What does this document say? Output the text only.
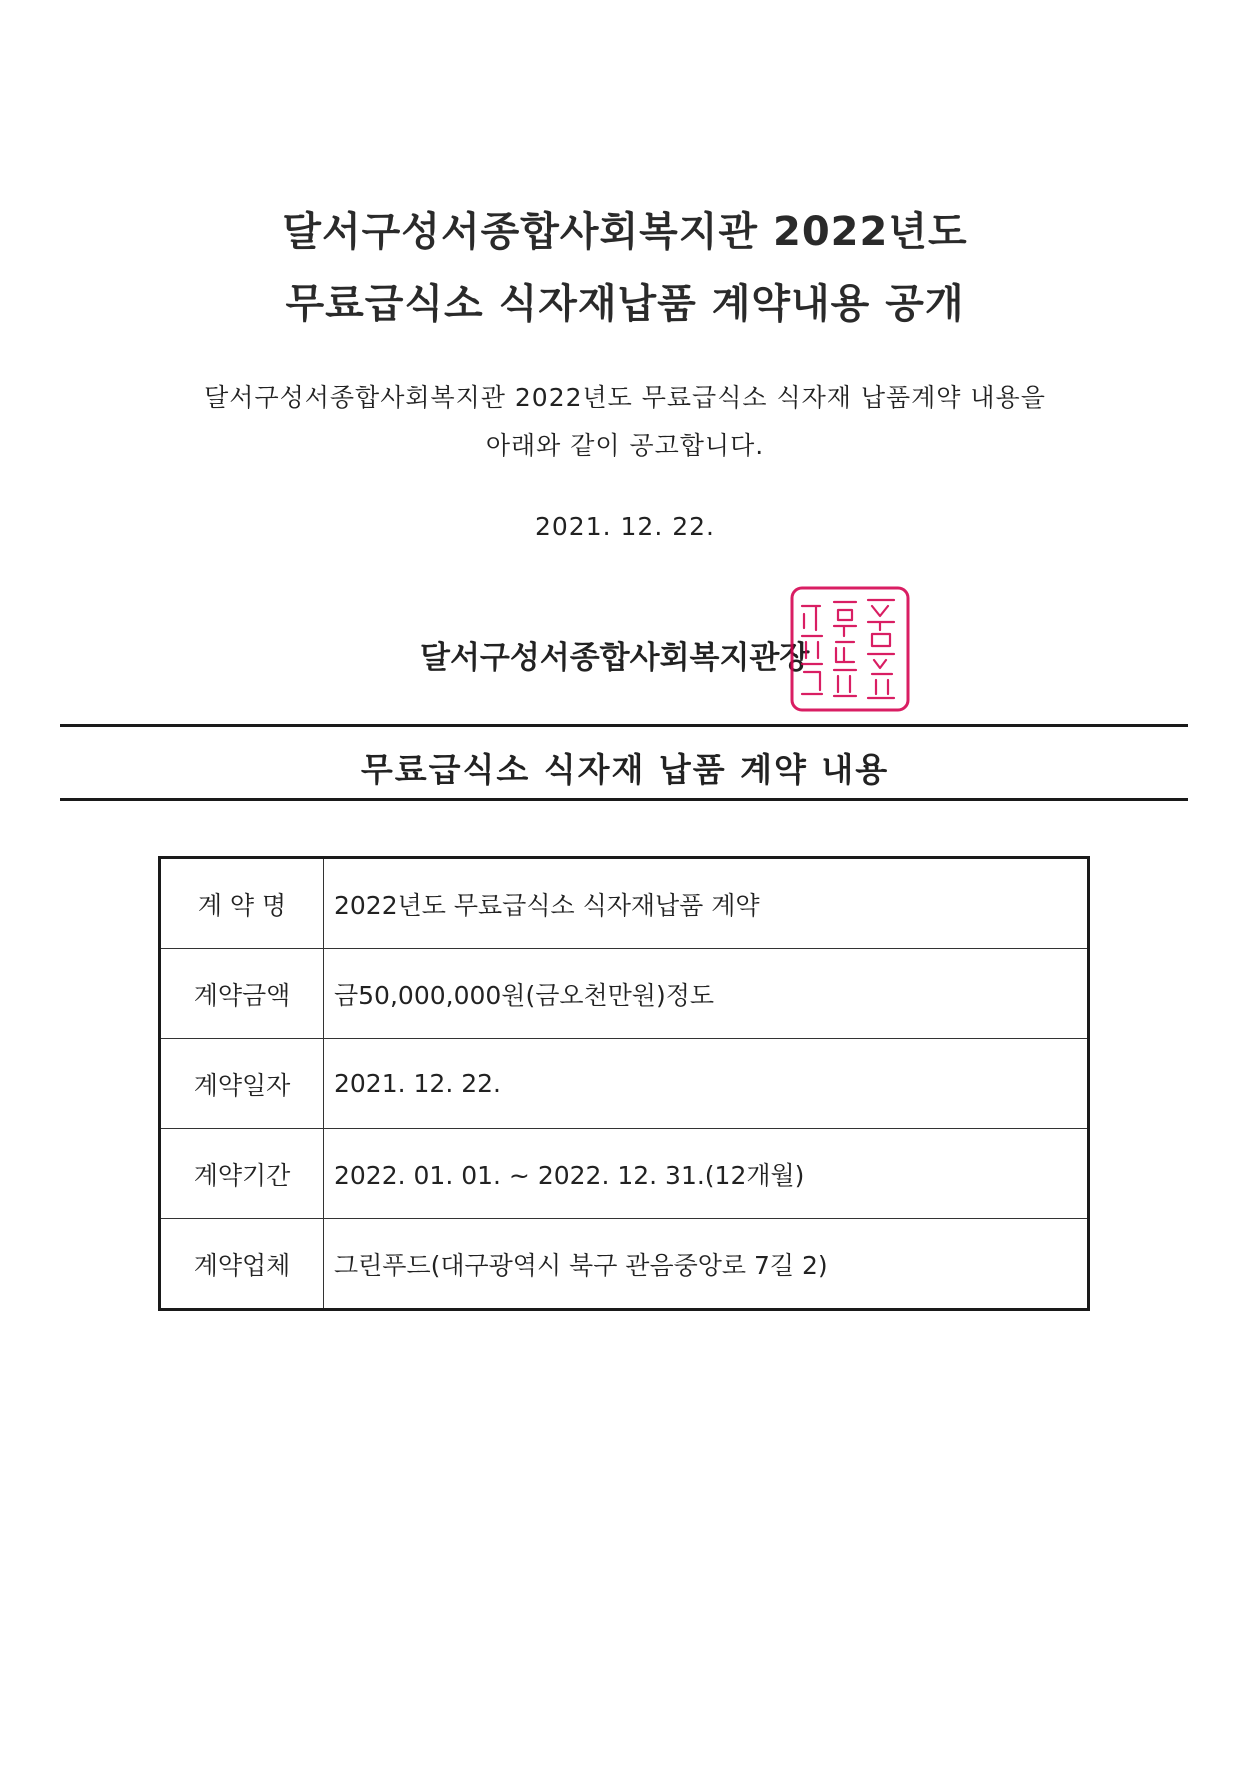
달서구성서종합사회복지관 2022년도
무료급식소 식자재납품 계약내용 공개
달서구성서종합사회복지관 2022년도 무료급식소 식자재 납품계약 내용을
아래와 같이 공고합니다.
2021. 12. 22.
달서구성서종합사회복지관장
무료급식소 식자재 납품 계약 내용
계 약 명	2022년도 무료급식소 식자재납품 계약
계약금액	금50,000,000원(금오천만원)정도
계약일자	2021. 12. 22.
계약기간	2022. 01. 01. ~ 2022. 12. 31.(12개월)
계약업체	그린푸드(대구광역시 북구 관음중앙로 7길 2)
